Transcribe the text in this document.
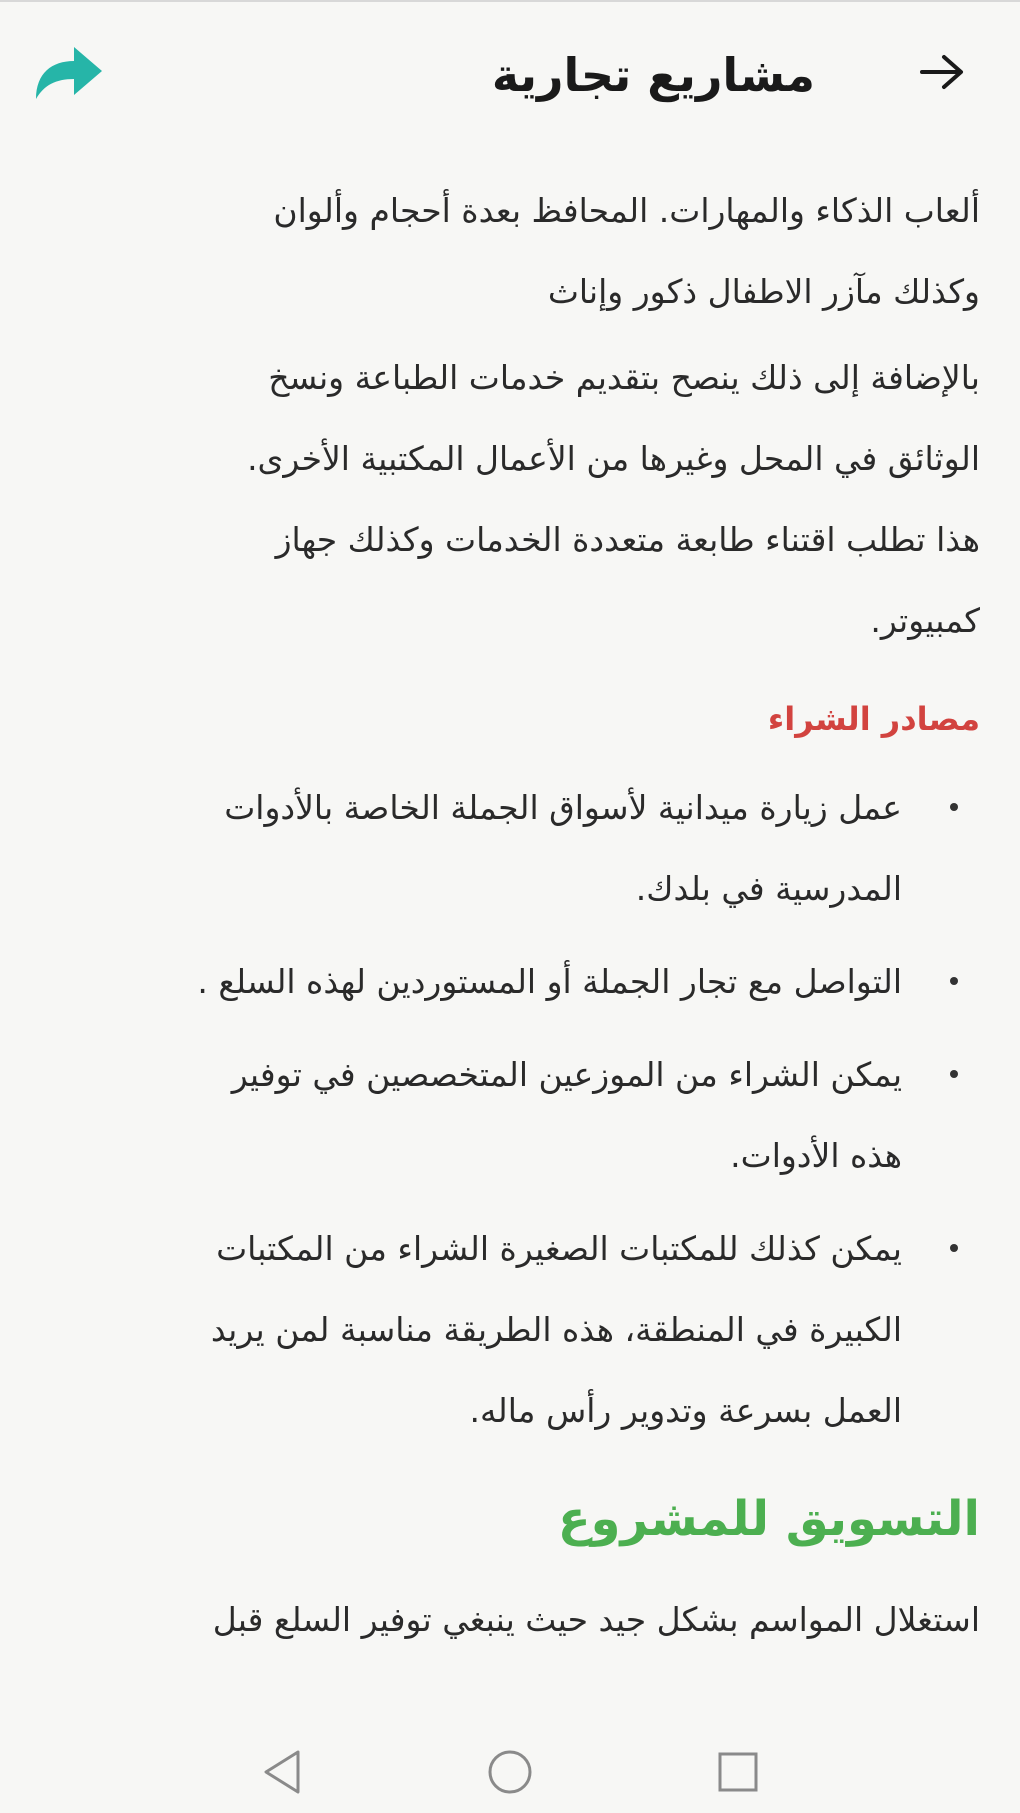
مشاريع تجارية

ألعاب الذكاء والمهارات. المحافظ بعدة أحجام وألوان
وكذلك مآزر الاطفال ذكور وإناث

بالإضافة إلى ذلك ينصح بتقديم خدمات الطباعة ونسخ
الوثائق في المحل وغيرها من الأعمال المكتبية الأخرى.
هذا تطلب اقتناء طابعة متعددة الخدمات وكذلك جهاز
كمبيوتر.

مصادر الشراء
عمل زيارة ميدانية لأسواق الجملة الخاصة بالأدوات
المدرسية في بلدك.
التواصل مع تجار الجملة أو المستوردين لهذه السلع .
يمكن الشراء من الموزعين المتخصصين في توفير
هذه الأدوات.
يمكن كذلك للمكتبات الصغيرة الشراء من المكتبات
الكبيرة في المنطقة، هذه الطريقة مناسبة لمن يريد
العمل بسرعة وتدوير رأس ماله.
التسويق للمشروع

استغلال المواسم بشكل جيد حيث ينبغي توفير السلع قبل
